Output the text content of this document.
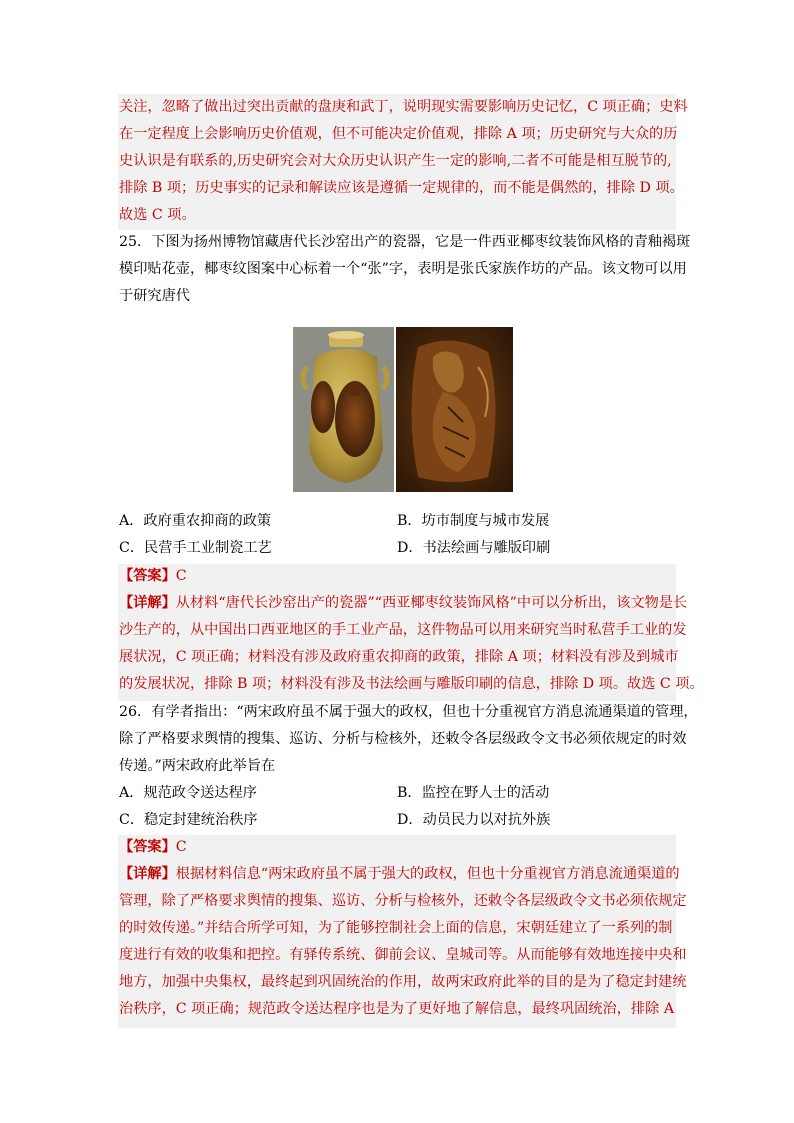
关注，忽略了做出过突出贡献的盘庚和武丁，说明现实需要影响历史记忆，C 项正确；史料
在一定程度上会影响历史价值观，但不可能决定价值观，排除 A 项；历史研究与大众的历
史认识是有联系的,历史研究会对大众历史认识产生一定的影响,二者不可能是相互脱节的,
排除 B 项；历史事实的记录和解读应该是遵循一定规律的，而不能是偶然的，排除 D 项。
故选 C 项。
25．下图为扬州博物馆藏唐代长沙窑出产的瓷器，它是一件西亚椰枣纹装饰风格的青釉褐斑
模印贴花壶，椰枣纹图案中心标着一个“张”字，表明是张氏家族作坊的产品。该文物可以用
于研究唐代
A．政府重农抑商的政策	B．坊市制度与城市发展
C．民营手工业制瓷工艺	D．书法绘画与雕版印刷
【答案】C
【详解】从材料“唐代长沙窑出产的瓷器”“西亚椰枣纹装饰风格”中可以分析出，该文物是长
沙生产的，从中国出口西亚地区的手工业产品，这件物品可以用来研究当时私营手工业的发
展状况，C 项正确；材料没有涉及政府重农抑商的政策，排除 A 项；材料没有涉及到城市
的发展状况，排除 B 项；材料没有涉及书法绘画与雕版印刷的信息，排除 D 项。故选 C 项。
26．有学者指出：“两宋政府虽不属于强大的政权，但也十分重视官方消息流通渠道的管理，
除了严格要求舆情的搜集、巡访、分析与检核外，还敕令各层级政令文书必须依规定的时效
传递。”两宋政府此举旨在
A．规范政令送达程序	B．监控在野人士的活动
C．稳定封建统治秩序	D．动员民力以对抗外族
【答案】C
【详解】根据材料信息“两宋政府虽不属于强大的政权，但也十分重视官方消息流通渠道的
管理，除了严格要求舆情的搜集、巡访、分析与检核外，还敕令各层级政令文书必须依规定
的时效传递。”并结合所学可知，为了能够控制社会上面的信息，宋朝廷建立了一系列的制
度进行有效的收集和把控。有驿传系统、御前会议、皇城司等。从而能够有效地连接中央和
地方，加强中央集权，最终起到巩固统治的作用，故两宋政府此举的目的是为了稳定封建统
治秩序，C 项正确；规范政令送达程序也是为了更好地了解信息，最终巩固统治，排除 A
